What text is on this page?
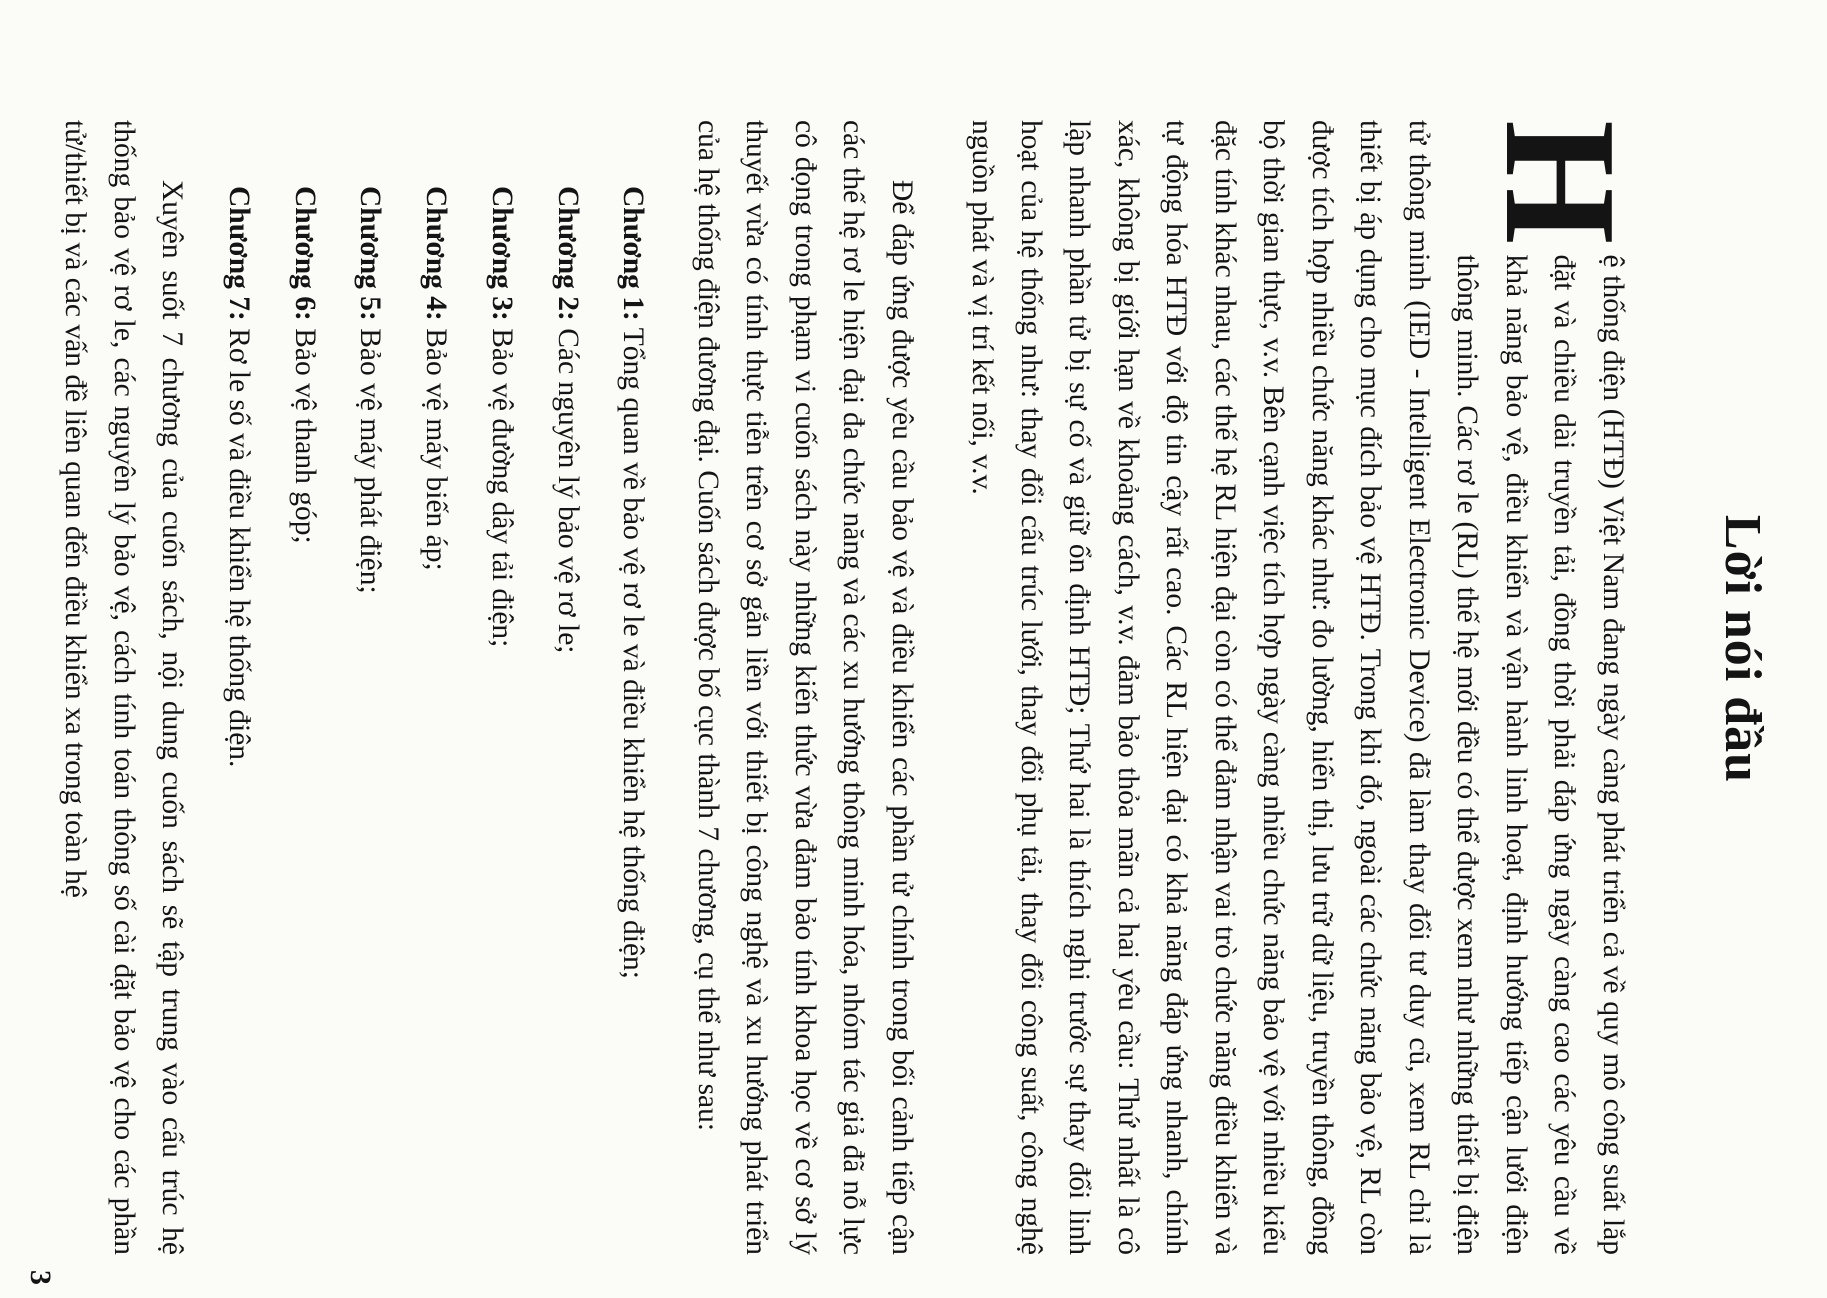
Lời nói đầu

H
ệ thống điện (HTĐ) Việt Nam đang ngày càng phát triển cả về quy mô công suất lắp đặt và chiều dài truyền tải, đồng thời phải đáp ứng ngày càng cao các yêu cầu về khả năng bảo vệ, điều khiển và vận hành linh hoạt, định hướng tiếp cận lưới điện thông minh. Các rơ le (RL) thế hệ mới đều có thể được xem như những thiết bị điện tử thông minh (IED - Intelligent Electronic Device) đã làm thay đổi tư duy cũ, xem RL chỉ là thiết bị áp dụng cho mục đích bảo vệ HTĐ. Trong khi đó, ngoài các chức năng bảo vệ, RL còn được tích hợp nhiều chức năng khác như: đo lường, hiển thị, lưu trữ dữ liệu, truyền thông, đồng bộ thời gian thực, v.v. Bên cạnh việc tích hợp ngày càng nhiều chức năng bảo vệ với nhiều kiểu đặc tính khác nhau, các thế hệ RL hiện đại còn có thể đảm nhận vai trò chức năng điều khiển và tự động hóa HTĐ với độ tin cậy rất cao. Các RL hiện đại có khả năng đáp ứng nhanh, chính xác, không bị giới hạn về khoảng cách, v.v. đảm bảo thỏa mãn cả hai yêu cầu: Thứ nhất là cô lập nhanh phần tử bị sự cố và giữ ổn định HTĐ; Thứ hai là thích nghi trước sự thay đổi linh hoạt của hệ thống như: thay đổi cấu trúc lưới, thay đổi phụ tải, thay đổi công suất, công nghệ nguồn phát và vị trí kết nối, v.v.

Để đáp ứng được yêu cầu bảo vệ và điều khiển các phần tử chính trong bối cảnh tiếp cận các thế hệ rơ le hiện đại đa chức năng và các xu hướng thông minh hóa, nhóm tác giả đã nỗ lực cô đọng trong phạm vi cuốn sách này những kiến thức vừa đảm bảo tính khoa học về cơ sở lý thuyết vừa có tính thực tiễn trên cơ sở gắn liền với thiết bị công nghệ và xu hướng phát triển của hệ thống điện đương đại. Cuốn sách được bố cục thành 7 chương, cụ thể như sau:

Chương 1: Tổng quan về bảo vệ rơ le và điều khiển hệ thống điện;
Chương 2: Các nguyên lý bảo vệ rơ le;
Chương 3: Bảo vệ đường dây tải điện;
Chương 4: Bảo vệ máy biến áp;
Chương 5: Bảo vệ máy phát điện;
Chương 6: Bảo vệ thanh góp;
Chương 7: Rơ le số và điều khiển hệ thống điện.

Xuyên suốt 7 chương của cuốn sách, nội dung cuốn sách sẽ tập trung vào cấu trúc hệ thống bảo vệ rơ le, các nguyên lý bảo vệ, cách tính toán thông số cài đặt bảo vệ cho các phần tử/thiết bị và các vấn đề liên quan đến điều khiển xa trong toàn hệ

3
